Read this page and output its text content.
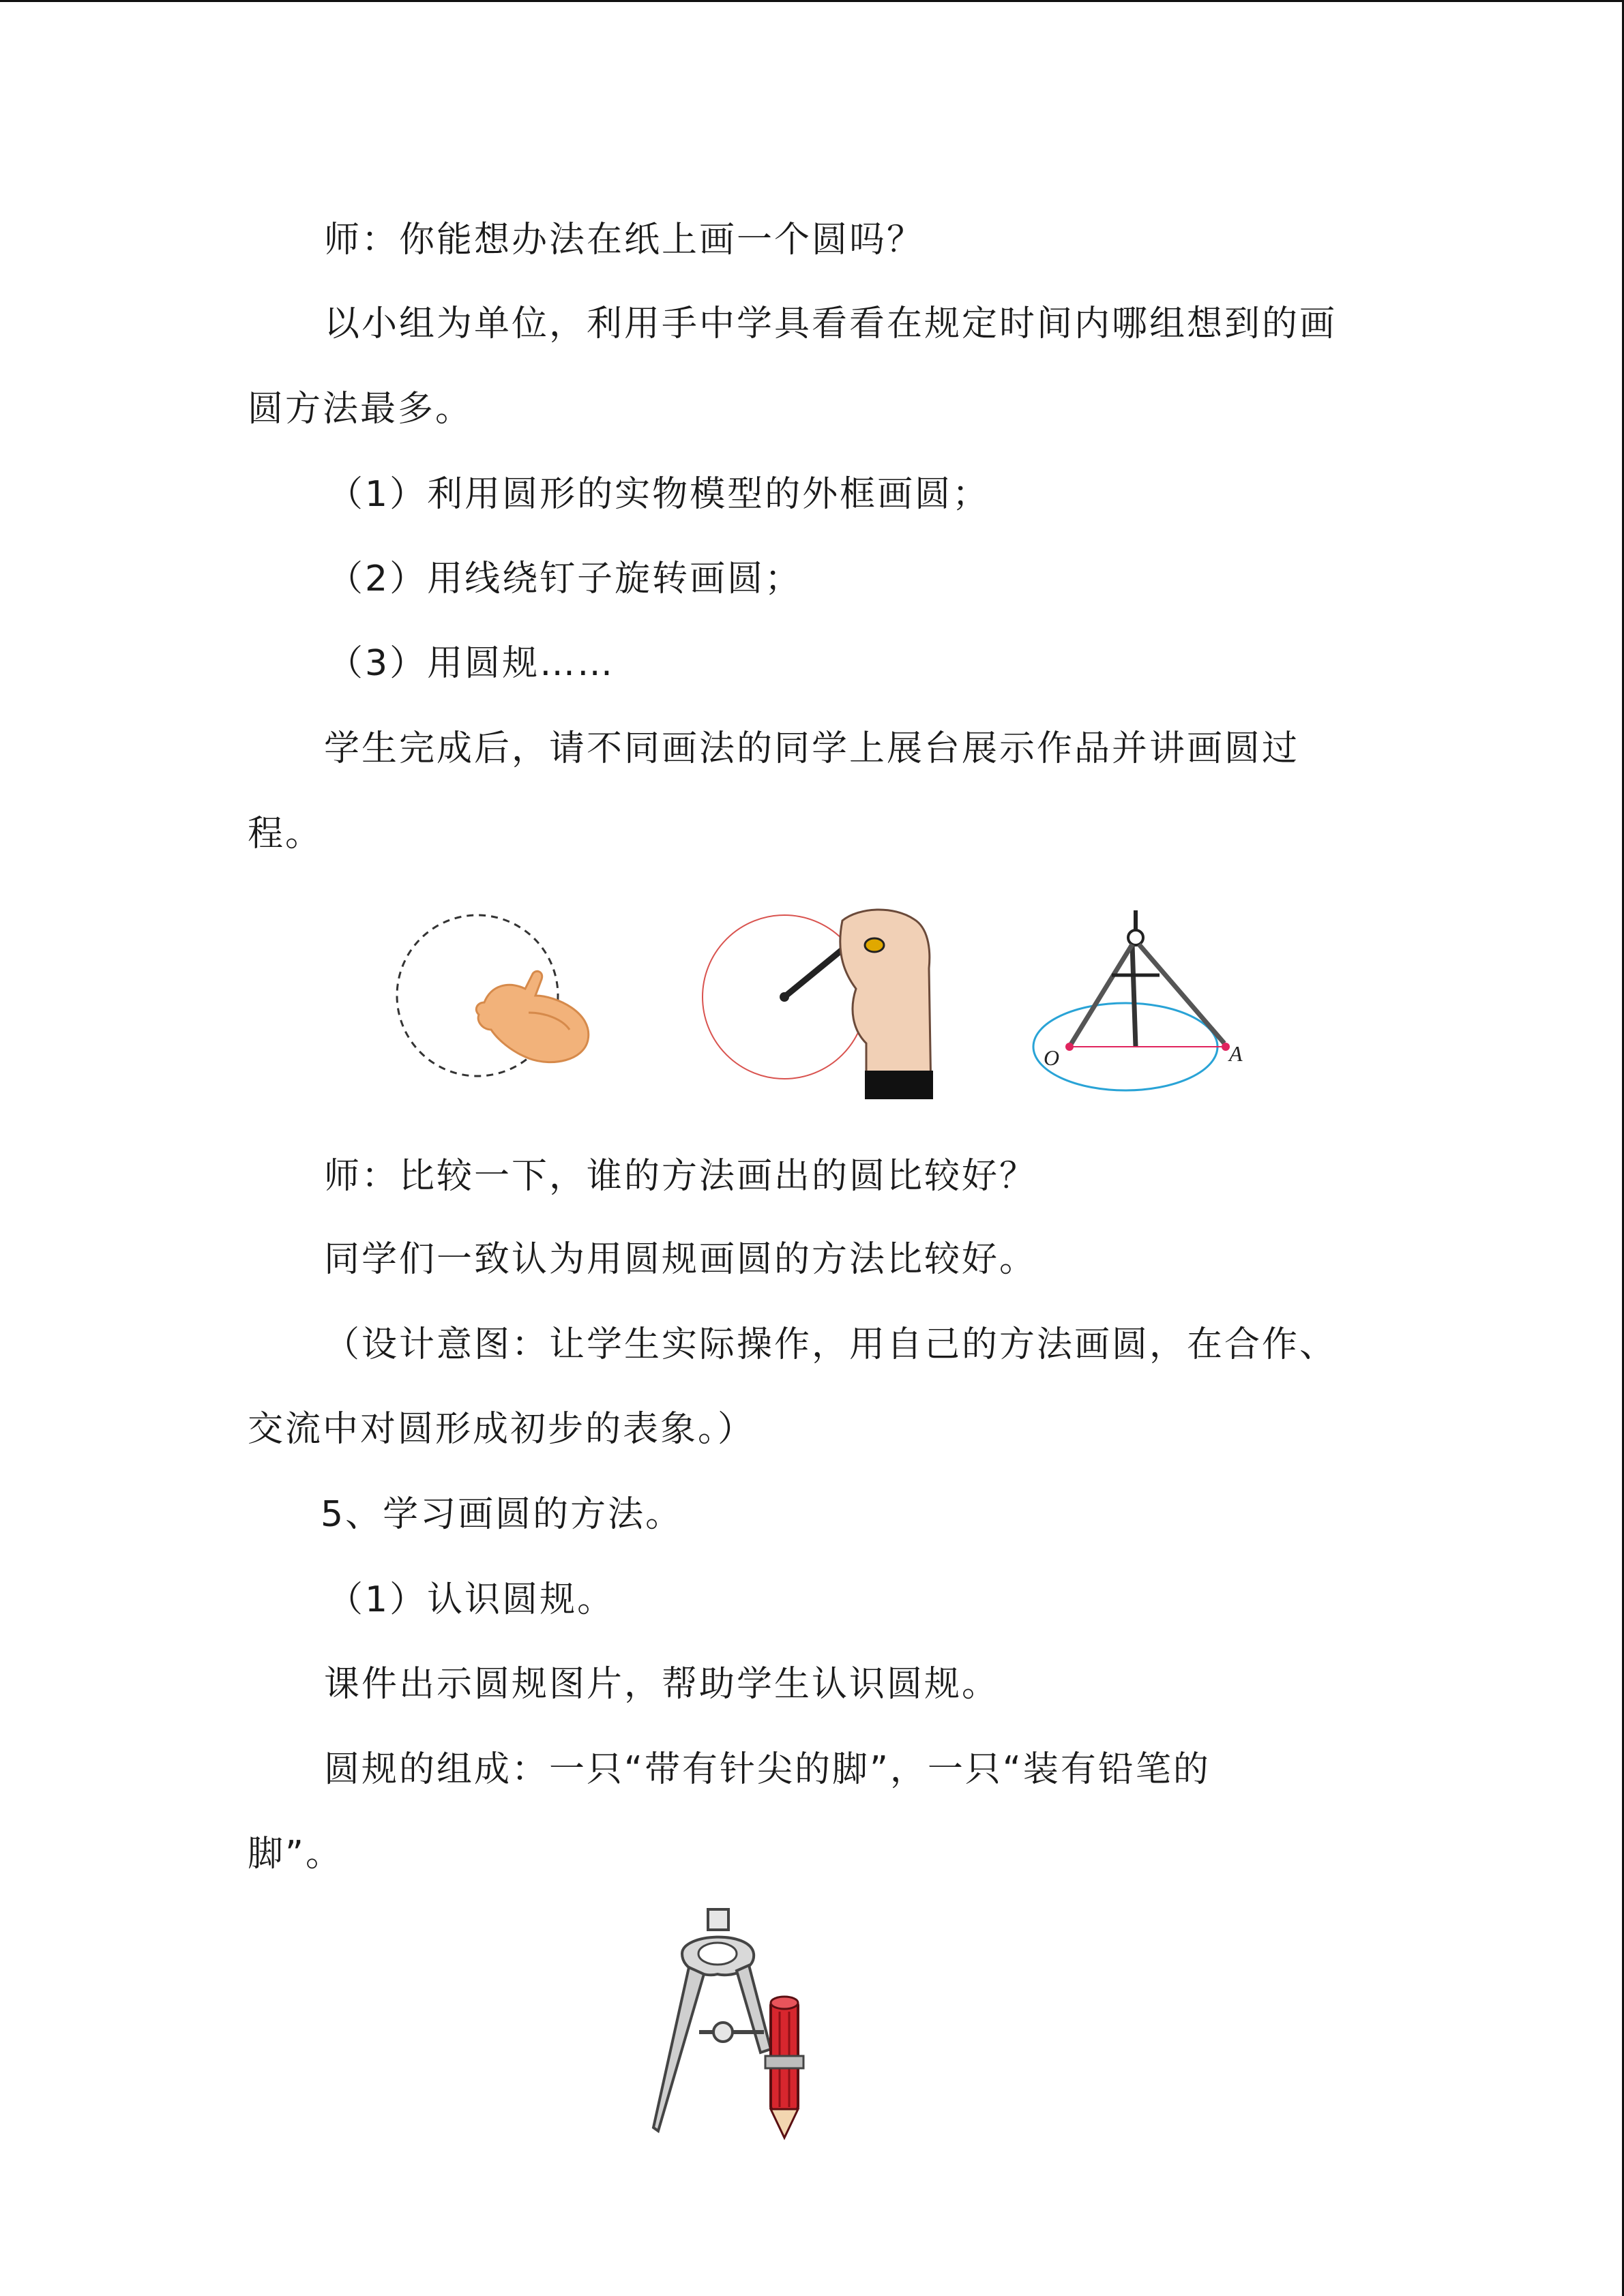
师：你能想办法在纸上画一个圆吗？
以小组为单位，利用手中学具看看在规定时间内哪组想到的画
圆方法最多。
（1）利用圆形的实物模型的外框画圆；
（2）用线绕钉子旋转画圆；
（3）用圆规……
学生完成后，请不同画法的同学上展台展示作品并讲画圆过
程。
O	A
师：比较一下，谁的方法画出的圆比较好？
同学们一致认为用圆规画圆的方法比较好。
（设计意图：让学生实际操作，用自己的方法画圆，在合作、
交流中对圆形成初步的表象。）
5、学习画圆的方法。
（1）认识圆规。
课件出示圆规图片，帮助学生认识圆规。
圆规的组成：一只“带有针尖的脚”，一只“装有铅笔的
脚”。
